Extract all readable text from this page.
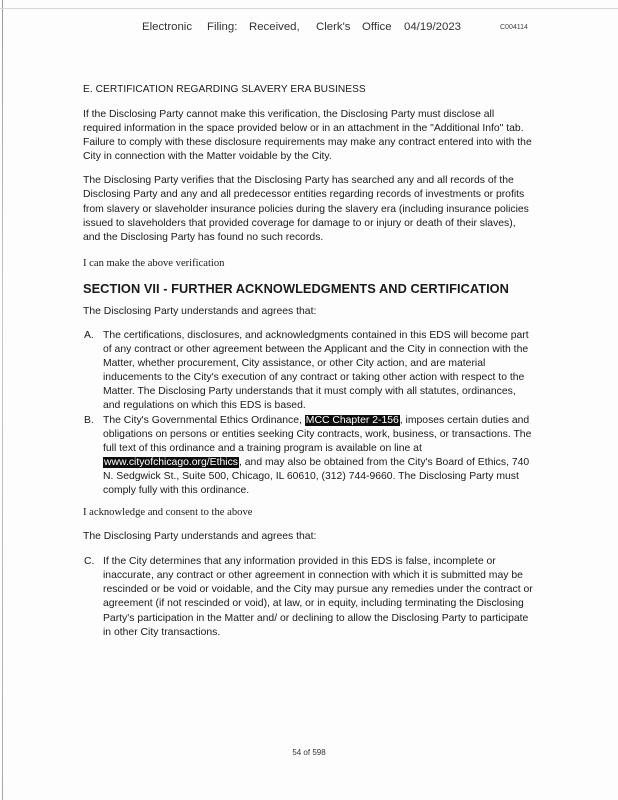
Electronic Filing: Received, Clerk's Office 04/19/2023	C004114

E. CERTIFICATION REGARDING SLAVERY ERA BUSINESS

If the Disclosing Party cannot make this verification, the Disclosing Party must disclose all required information in the space provided below or in an attachment in the "Additional Info" tab. Failure to comply with these disclosure requirements may make any contract entered into with the City in connection with the Matter voidable by the City.

The Disclosing Party verifies that the Disclosing Party has searched any and all records of the Disclosing Party and any and all predecessor entities regarding records of investments or profits from slavery or slaveholder insurance policies during the slavery era (including insurance policies issued to slaveholders that provided coverage for damage to or injury or death of their slaves), and the Disclosing Party has found no such records.

I can make the above verification

SECTION VII - FURTHER ACKNOWLEDGMENTS AND CERTIFICATION

The Disclosing Party understands and agrees that:

A. The certifications, disclosures, and acknowledgments contained in this EDS will become part of any contract or other agreement between the Applicant and the City in connection with the Matter, whether procurement, City assistance, or other City action, and are material inducements to the City's execution of any contract or taking other action with respect to the Matter. The Disclosing Party understands that it must comply with all statutes, ordinances, and regulations on which this EDS is based.

B. The City's Governmental Ethics Ordinance, MCC Chapter 2-156, imposes certain duties and obligations on persons or entities seeking City contracts, work, business, or transactions. The full text of this ordinance and a training program is available on line at www.cityofchicago.org/Ethics, and may also be obtained from the City's Board of Ethics, 740 N. Sedgwick St., Suite 500, Chicago, IL 60610, (312) 744-9660. The Disclosing Party must comply fully with this ordinance.

I acknowledge and consent to the above

The Disclosing Party understands and agrees that:

C. If the City determines that any information provided in this EDS is false, incomplete or inaccurate, any contract or other agreement in connection with which it is submitted may be rescinded or be void or voidable, and the City may pursue any remedies under the contract or agreement (if not rescinded or void), at law, or in equity, including terminating the Disclosing Party's participation in the Matter and/ or declining to allow the Disclosing Party to participate in other City transactions.

54 of 598
